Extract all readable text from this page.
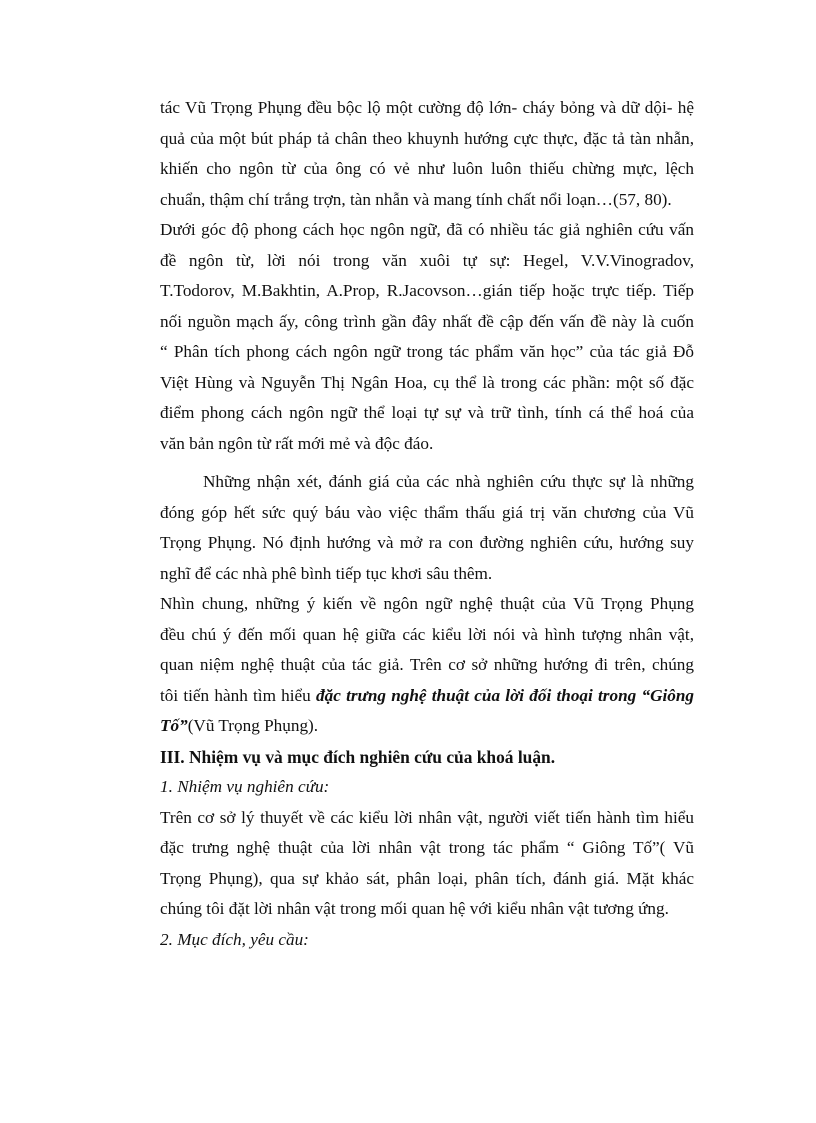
tác Vũ Trọng Phụng đều bộc lộ một cường độ lớn- cháy bỏng và dữ dội- hệ
quả của một bút pháp tả chân theo khuynh hướng cực thực, đặc tả tàn nhẫn,
khiến cho ngôn từ của ông có vẻ như luôn luôn thiếu chừng mực, lệch
chuẩn, thậm chí trắng trợn, tàn nhẫn và mang tính chất nổi loạn…(57, 80).
Dưới góc độ phong cách học ngôn ngữ, đã có nhiều tác giả nghiên cứu vấn
đề ngôn từ, lời nói trong văn xuôi tự sự: Hegel, V.V.Vinogradov,
T.Todorov, M.Bakhtin, A.Prop, R.Jacovson…gián tiếp hoặc trực tiếp. Tiếp
nối nguồn mạch ấy, công trình gần đây nhất đề cập đến vấn đề này là cuốn
“ Phân tích phong cách ngôn ngữ trong tác phẩm văn học” của tác giả Đỗ
Việt Hùng và Nguyễn Thị Ngân Hoa, cụ thể là trong các phần: một số đặc
điểm phong cách ngôn ngữ thể loại tự sự và trữ tình, tính cá thể hoá của
văn bản ngôn từ rất mới mẻ và độc đáo.
Những nhận xét, đánh giá của các nhà nghiên cứu thực sự là những
đóng góp hết sức quý báu vào việc thẩm thấu giá trị văn chương của Vũ
Trọng Phụng. Nó định hướng và mở ra con đường nghiên cứu, hướng suy
nghĩ để các nhà phê bình tiếp tục khơi sâu thêm.
Nhìn chung, những ý kiến về ngôn ngữ nghệ thuật của Vũ Trọng Phụng
đều chú ý đến mối quan hệ giữa các kiểu lời nói và hình tượng nhân vật,
quan niệm nghệ thuật của tác giả. Trên cơ sở những hướng đi trên, chúng
tôi tiến hành tìm hiểu đặc trưng nghệ thuật của lời đối thoại trong “Giông
Tố”(Vũ Trọng Phụng).
III. Nhiệm vụ và mục đích nghiên cứu của khoá luận.
1. Nhiệm vụ nghiên cứu:
Trên cơ sở lý thuyết về các kiểu lời nhân vật, người viết tiến hành tìm hiểu
đặc trưng nghệ thuật của lời nhân vật trong tác phẩm “ Giông Tố”( Vũ
Trọng Phụng), qua sự khảo sát, phân loại, phân tích, đánh giá. Mặt khác
chúng tôi đặt lời nhân vật trong mối quan hệ với kiểu nhân vật tương ứng.
2. Mục đích, yêu cầu:
